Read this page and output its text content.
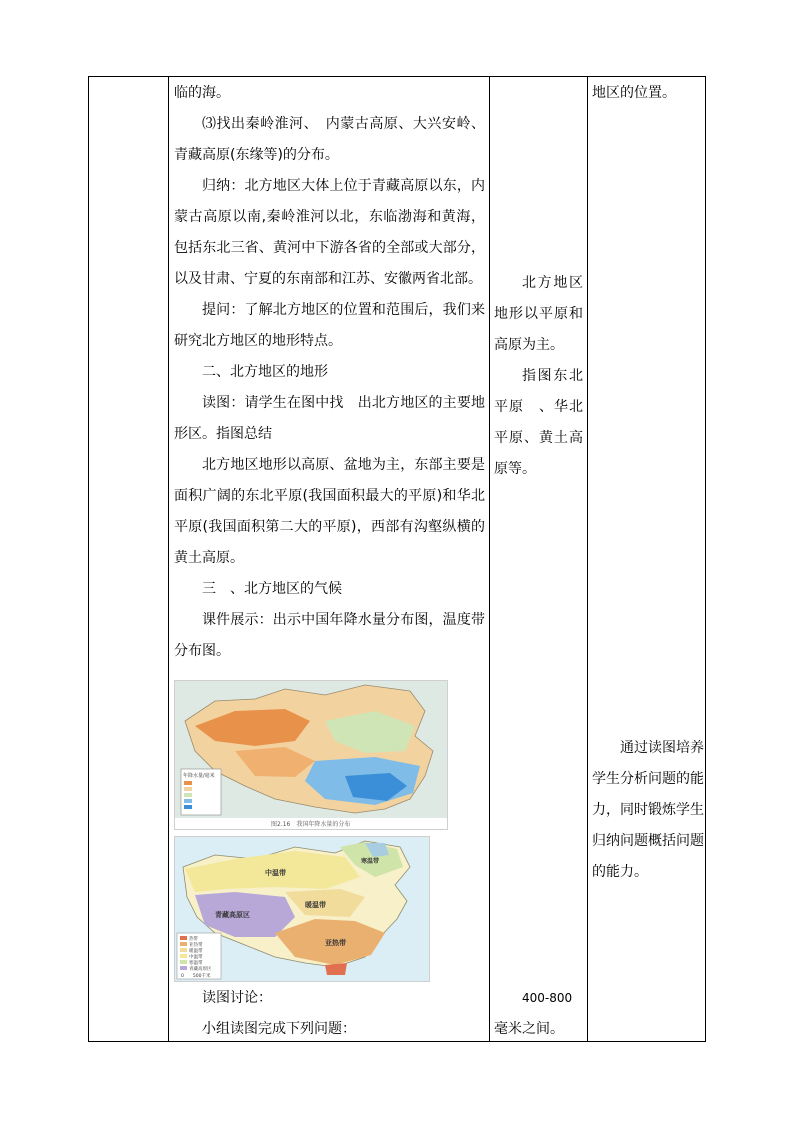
临的海。

⑶找出秦岭淮河、　内蒙古高原、大兴安岭、青藏高原(东缘等)的分布。

归纳：北方地区大体上位于青藏高原以东，内蒙古高原以南,秦岭淮河以北，东临渤海和黄海，包括东北三省、黄河中下游各省的全部或大部分，以及甘肃、宁夏的东南部和江苏、安徽两省北部。

提问：了解北方地区的位置和范围后，我们来研究北方地区的地形特点。

二、北方地区的地形

读图：请学生在图中找　出北方地区的主要地形区。指图总结

北方地区地形以高原、盆地为主，东部主要是面积广阔的东北平原(我国面积最大的平原)和华北平原(我国面积第二大的平原)，西部有沟壑纵横的黄土高原。

三　、北方地区的气候

课件展示：出示中国年降水量分布图，温度带分布图。

年降水量/毫米
图2.16　我国年降水量的分布
中温带
暖温带
亚热带
青藏高原区
寒温带
热带
亚热带
暖温带
中温带
寒温带
青藏高原区
0　　500千米

读图讨论：

小组读图完成下列问题：

北方地区地形以平原和高原为主。

指图东北平原　、华北平原、黄土高原等。

400-800

毫米之间。

地区的位置。

通过读图培养学生分析问题的能力，同时锻炼学生归纳问题概括问题的能力。
